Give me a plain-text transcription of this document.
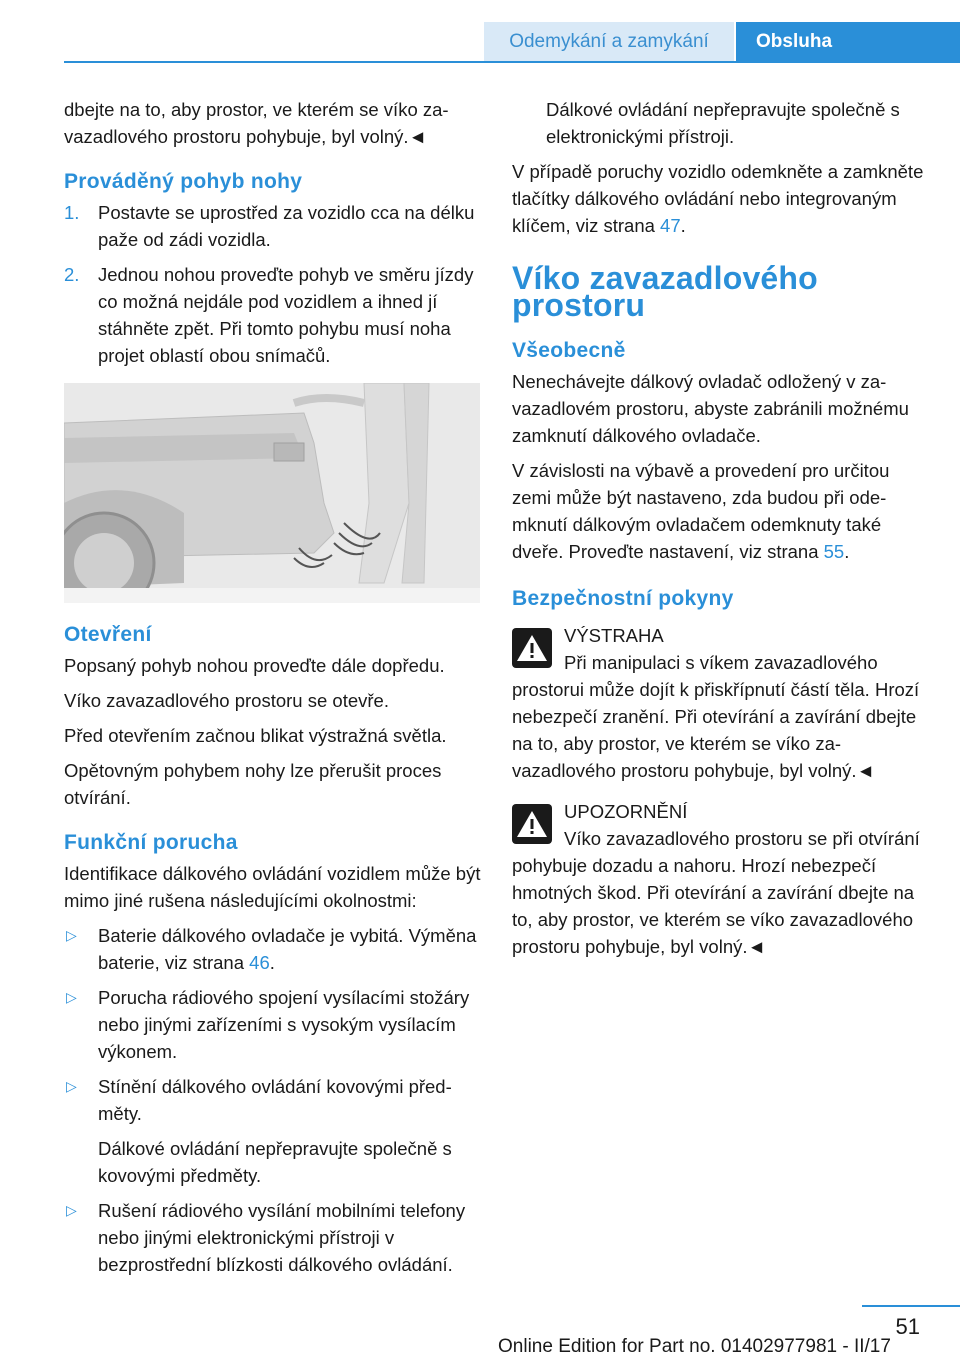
Odemykání a zamykání	Obsluha

dbejte na to, aby prostor, ve kterém se víko zavazadlového prostoru pohybuje, byl volný.◄

Prováděný pohyb nohy
1. Postavte se uprostřed za vozidlo cca na délku paže od zádi vozidla.
2. Jednou nohou proveďte pohyb ve směru jízdy co možná nejdále pod vozidlem a ihned jí stáhněte zpět. Při tomto pohybu musí noha projet oblastí obou snímačů.
Otevření

Popsaný pohyb nohou proveďte dále dopředu.

Víko zavazadlového prostoru se otevře.

Před otevřením začnou blikat výstražná světla.

Opětovným pohybem nohy lze přerušit proces otvírání.

Funkční porucha

Identifikace dálkového ovládání vozidlem může být mimo jiné rušena následujícími okolnostmi:

▷ Baterie dálkového ovladače je vybitá. Výměna baterie, viz strana 46.
▷ Porucha rádiového spojení vysílacími stožáry nebo jinými zařízeními s vysokým vysílacím výkonem.
▷ Stínění dálkového ovládání kovovými předměty.
Dálkové ovládání nepřepravujte společně s kovovými předměty.
▷ Rušení rádiového vysílání mobilními telefony nebo jinými elektronickými přístroji v bezprostřední blízkosti dálkového ovládání.

Dálkové ovládání nepřepravujte společně s elektronickými přístroji.

V případě poruchy vozidlo odemkněte a zamkněte tlačítky dálkového ovládání nebo integrovaným klíčem, viz strana 47.

Víko zavazadlového prostoru
Všeobecně

Nenechávejte dálkový ovladač odložený v zavazadlovém prostoru, abyste zabránili možnému zamknutí dálkového ovladače.

V závislosti na výbavě a provedení pro určitou zemi může být nastaveno, zda budou při odemknutí dálkovým ovladačem odemknuty také dveře. Proveďte nastavení, viz strana 55.

Bezpečnostní pokyny
VÝSTRAHA
Při manipulaci s víkem zavazadlového prostorui může dojít k přiskřípnutí částí těla. Hrozí nebezpečí zranění. Při otevírání a zavírání dbejte na to, aby prostor, ve kterém se víko zavazadlového prostoru pohybuje, byl volný.◄
UPOZORNĚNÍ
Víko zavazadlového prostoru se při otvírání pohybuje dozadu a nahoru. Hrozí nebezpečí hmotných škod. Při otevírání a zavírání dbejte na to, aby prostor, ve kterém se víko zavazadlového prostoru pohybuje, byl volný.◄
51
Online Edition for Part no. 01402977981 - II/17
